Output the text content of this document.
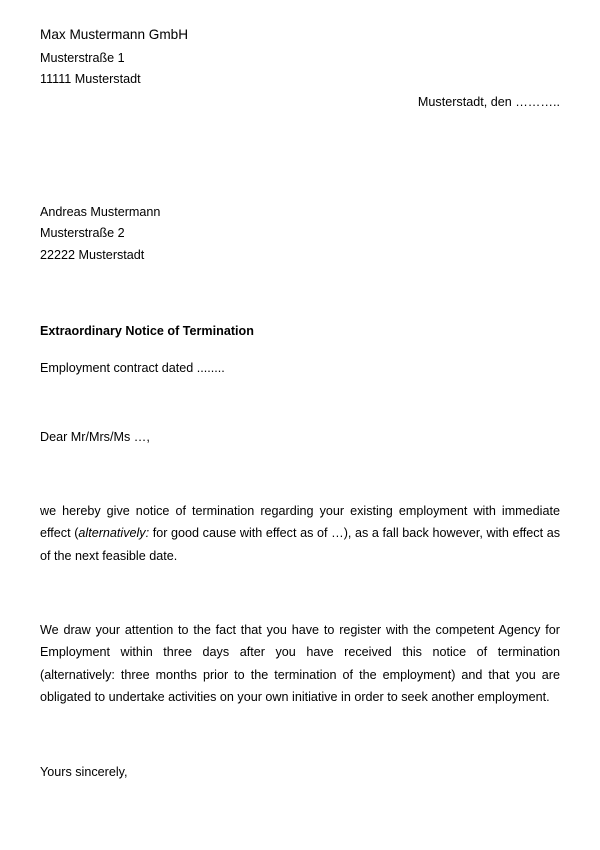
Max Mustermann GmbH
Musterstraße 1
11111 Musterstadt
Musterstadt, den ………..
Andreas Mustermann
Musterstraße 2
22222 Musterstadt
Extraordinary Notice of Termination
Employment contract dated ........
Dear Mr/Mrs/Ms …,

we hereby give notice of termination regarding your existing employment with immediate effect (alternatively: for good cause with effect as of …), as a fall back however, with effect as of the next feasible date.

We draw your attention to the fact that you have to register with the competent Agency for Employment within three days after you have received this notice of termination (alternatively: three months prior to the termination of the employment) and that you are obligated to undertake activities on your own initiative in order to seek another employment.

Yours sincerely,
